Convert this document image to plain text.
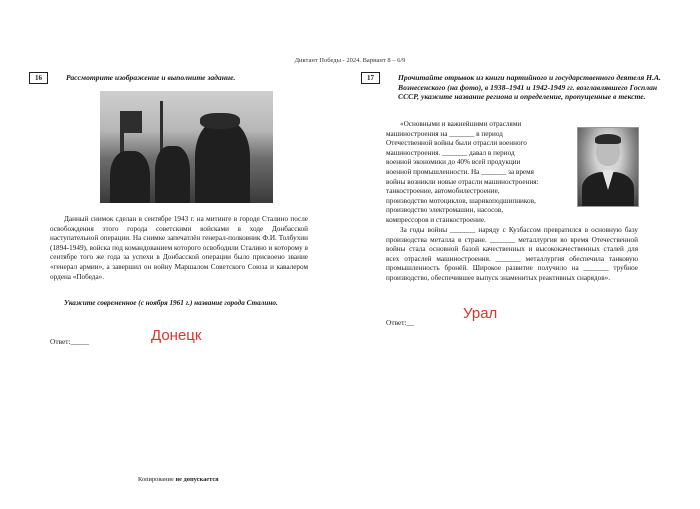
Диктант Победы - 2024. Вариант 8 – 6/9
16	Рассмотрите изображение и выполните задание.
Данный снимок сделан в сентябре 1943 г. на митинге в городе Сталино после освобождения этого города советскими войсками в ходе Донбасской наступательной операции. На снимке запечатлён генерал-полковник Ф.И. Толбухин (1894-1949), войска под командованием которого освободили Сталино и которому в сентябре того же года за успехи в Донбасской операции было присвоено звание «генерал армии», а завершил он войну Маршалом Советского Союза и кавалером ордена «Победа».
Укажите современное (с ноября 1961 г.) название города Сталино.
Ответ:_____	Донецк
17	Прочитайте отрывок из книги партийного и государственного деятеля Н.А. Вознесенского (на фото), в 1938–1941 и 1942-1949 гг. возглавлявшего Госплан СССР, укажите название региона и определение, пропущенные в тексте.
«Основными и важнейшими отраслями
машиностроения на _______ в период
Отечественной войны были отрасли военного
машиностроения. _______ давал в период
военной экономики до 40% всей продукции
военной промышленности. На _______ за время
войны возникли новые отрасли машиностроения:
танкостроение, автомобилестроение,
производство мотоциклов, шарикоподшипников,
производство электромашин, насосов,
компрессоров и станкостроение.
За годы войны _______ наряду с Кузбассом превратился в основную базу производства металла в стране. _______ металлургия во время Отечественной войны стала основной базой качественных и высококачественных сталей для всех отраслей машиностроения. _______ металлургия обеспечила танковую промышленность бронёй. Широкое развитие получило на _______ трубное производство, обеспечившее выпуск знаменитых реактивных снарядов».
Ответ:__
Урал
Копирование не допускается
